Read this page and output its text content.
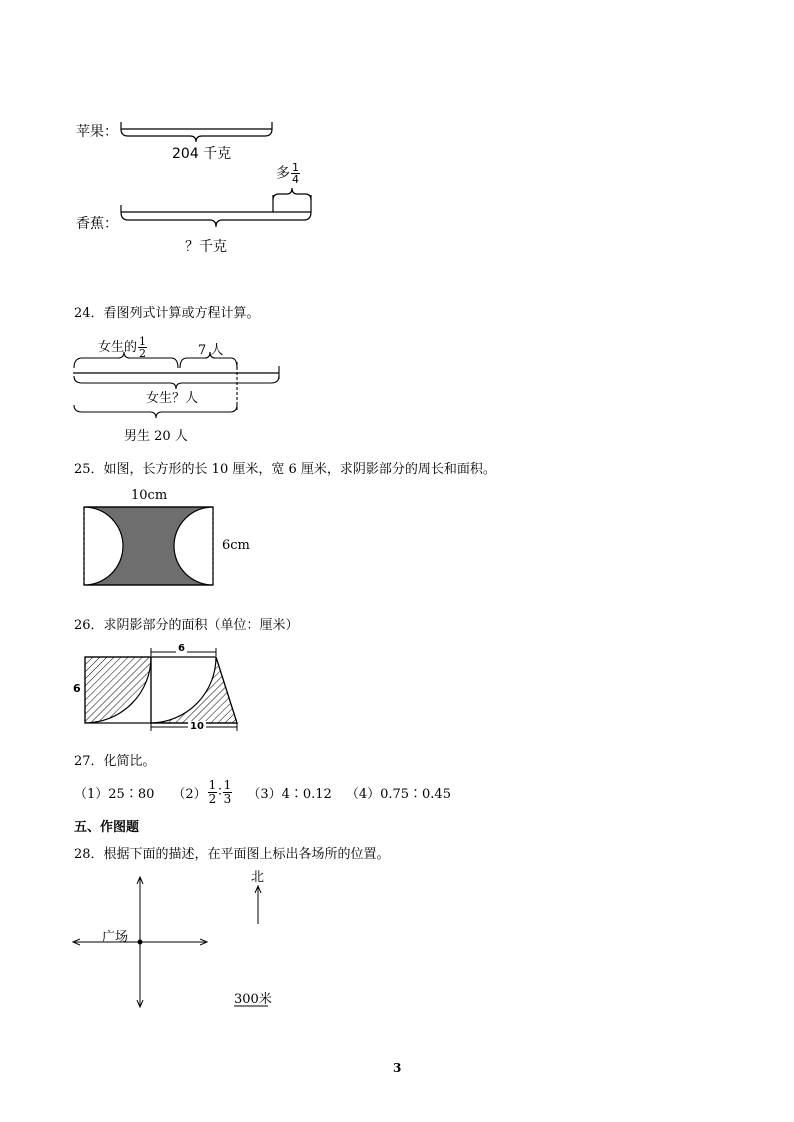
苹果：
204 千克
多 $\frac{1}{4}$
香蕉：
？千克
24．看图列式计算或方程计算。
女生的 $\frac{1}{2}$	7 人
女生？人
男生 20 人
25．如图，长方形的长 10 厘米，宽 6 厘米，求阴影部分的周长和面积。
10cm
6cm
26．求阴影部分的面积（单位：厘米）
6
6
10
27．化简比。
（1）25∶80 $(2) \frac{1}{2}$ ∶ $\frac{1}{3}$ （3）4∶0.12 （4）0.75∶0.45
五、作图题
28．根据下面的描述，在平面图上标出各场所的位置。
广场
北
300米
3
